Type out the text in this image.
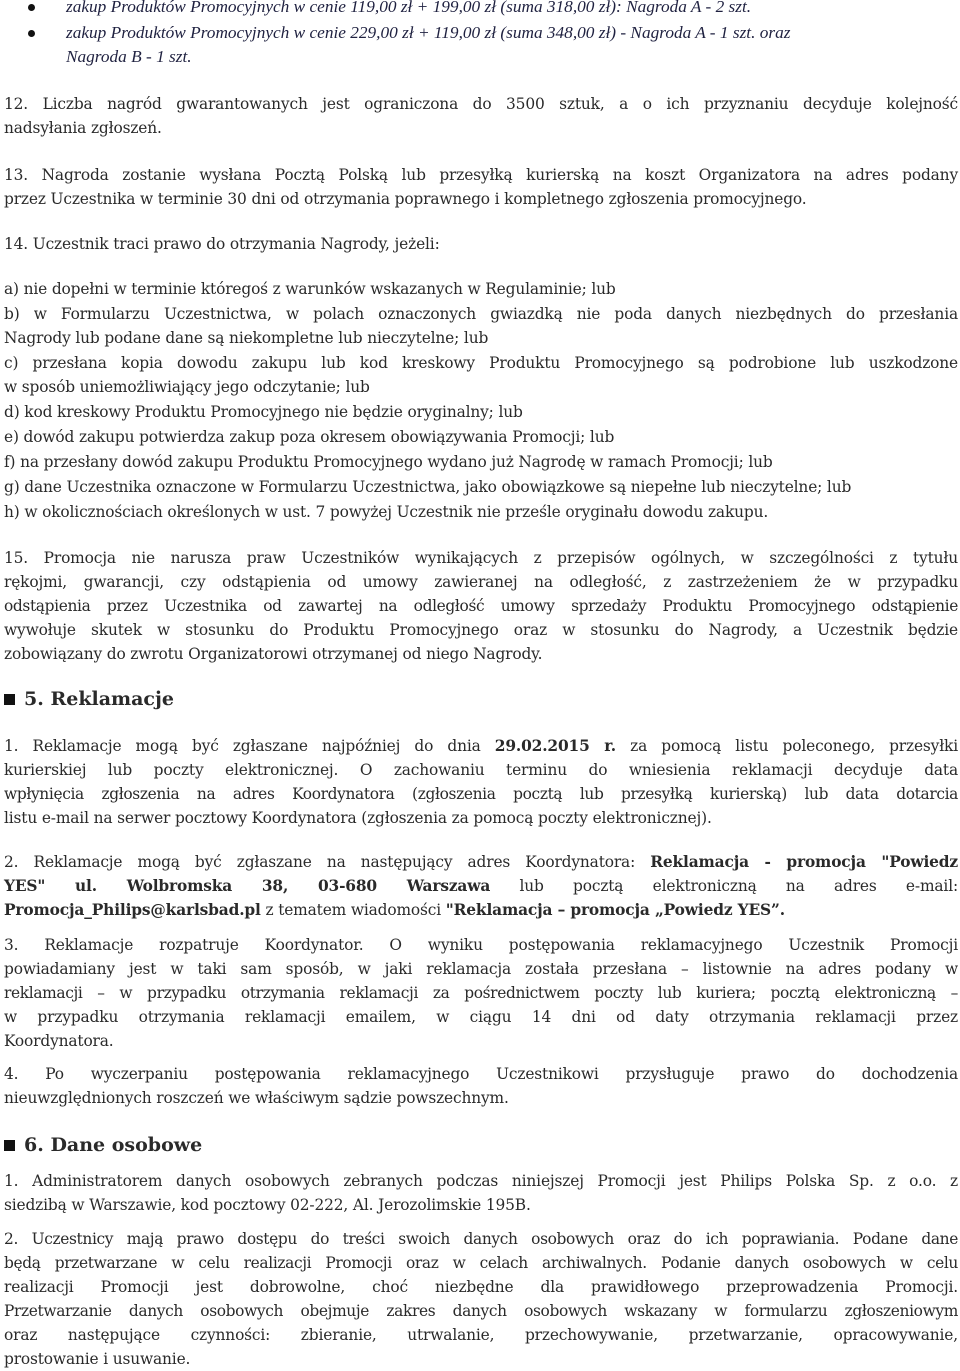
zakup Produktów Promocyjnych w cenie 119,00 zł + 199,00 zł (suma 318,00 zł): Nagroda A - 2 szt.
zakup Produktów Promocyjnych w cenie 229,00 zł + 119,00 zł (suma 348,00 zł) - Nagroda A - 1 szt. oraz
Nagroda B - 1 szt.
12. Liczba nagród gwarantowanych jest ograniczona do 3500 sztuk, a o ich przyznaniu decyduje kolejność
nadsyłania zgłoszeń.
13. Nagroda zostanie wysłana Pocztą Polską lub przesyłką kurierską na koszt Organizatora na adres podany
przez Uczestnika w terminie 30 dni od otrzymania poprawnego i kompletnego zgłoszenia promocyjnego.
14. Uczestnik traci prawo do otrzymania Nagrody, jeżeli:
a) nie dopełni w terminie któregoś z warunków wskazanych w Regulaminie; lub
b) w Formularzu Uczestnictwa, w polach oznaczonych gwiazdką nie poda danych niezbędnych do przesłania
Nagrody lub podane dane są niekompletne lub nieczytelne; lub
c) przesłana kopia dowodu zakupu lub kod kreskowy Produktu Promocyjnego są podrobione lub uszkodzone
w sposób uniemożliwiający jego odczytanie; lub
d) kod kreskowy Produktu Promocyjnego nie będzie oryginalny; lub
e) dowód zakupu potwierdza zakup poza okresem obowiązywania Promocji; lub
f) na przesłany dowód zakupu Produktu Promocyjnego wydano już Nagrodę w ramach Promocji; lub
g) dane Uczestnika oznaczone w Formularzu Uczestnictwa, jako obowiązkowe są niepełne lub nieczytelne; lub
h) w okolicznościach określonych w ust. 7 powyżej Uczestnik nie prześle oryginału dowodu zakupu.
15. Promocja nie narusza praw Uczestników wynikających z przepisów ogólnych, w szczególności z tytułu
rękojmi, gwarancji, czy odstąpienia od umowy zawieranej na odległość, z zastrzeżeniem że w przypadku
odstąpienia przez Uczestnika od zawartej na odległość umowy sprzedaży Produktu Promocyjnego odstąpienie
wywołuje skutek w stosunku do Produktu Promocyjnego oraz w stosunku do Nagrody, a Uczestnik będzie
zobowiązany do zwrotu Organizatorowi otrzymanej od niego Nagrody.
5. Reklamacje
1. Reklamacje mogą być zgłaszane najpóźniej do dnia 29.02.2015 r. za pomocą listu poleconego, przesyłki
kurierskiej lub poczty elektronicznej. O zachowaniu terminu do wniesienia reklamacji decyduje data
wpłynięcia zgłoszenia na adres Koordynatora (zgłoszenia pocztą lub przesyłką kurierską) lub data dotarcia
listu e-mail na serwer pocztowy Koordynatora (zgłoszenia za pomocą poczty elektronicznej).
2. Reklamacje mogą być zgłaszane na następujący adres Koordynatora: Reklamacja - promocja "Powiedz
YES" ul. Wolbromska 38, 03-680 Warszawa lub pocztą elektroniczną na adres e-mail:
Promocja_Philips@karlsbad.pl z tematem wiadomości "Reklamacja – promocja „Powiedz YES”.
3. Reklamacje rozpatruje Koordynator. O wyniku postępowania reklamacyjnego Uczestnik Promocji
powiadamiany jest w taki sam sposób, w jaki reklamacja została przesłana – listownie na adres podany w
reklamacji – w przypadku otrzymania reklamacji za pośrednictwem poczty lub kuriera; pocztą elektroniczną –
w przypadku otrzymania reklamacji emailem, w ciągu 14 dni od daty otrzymania reklamacji przez
Koordynatora.
4. Po wyczerpaniu postępowania reklamacyjnego Uczestnikowi przysługuje prawo do dochodzenia
nieuwzględnionych roszczeń we właściwym sądzie powszechnym.
6. Dane osobowe
1. Administratorem danych osobowych zebranych podczas niniejszej Promocji jest Philips Polska Sp. z o.o. z
siedzibą w Warszawie, kod pocztowy 02-222, Al. Jerozolimskie 195B.
2. Uczestnicy mają prawo dostępu do treści swoich danych osobowych oraz do ich poprawiania. Podane dane
będą przetwarzane w celu realizacji Promocji oraz w celach archiwalnych. Podanie danych osobowych w celu
realizacji Promocji jest dobrowolne, choć niezbędne dla prawidłowego przeprowadzenia Promocji.
Przetwarzanie danych osobowych obejmuje zakres danych osobowych wskazany w formularzu zgłoszeniowym
oraz następujące czynności: zbieranie, utrwalanie, przechowywanie, przetwarzanie, opracowywanie,
prostowanie i usuwanie.
